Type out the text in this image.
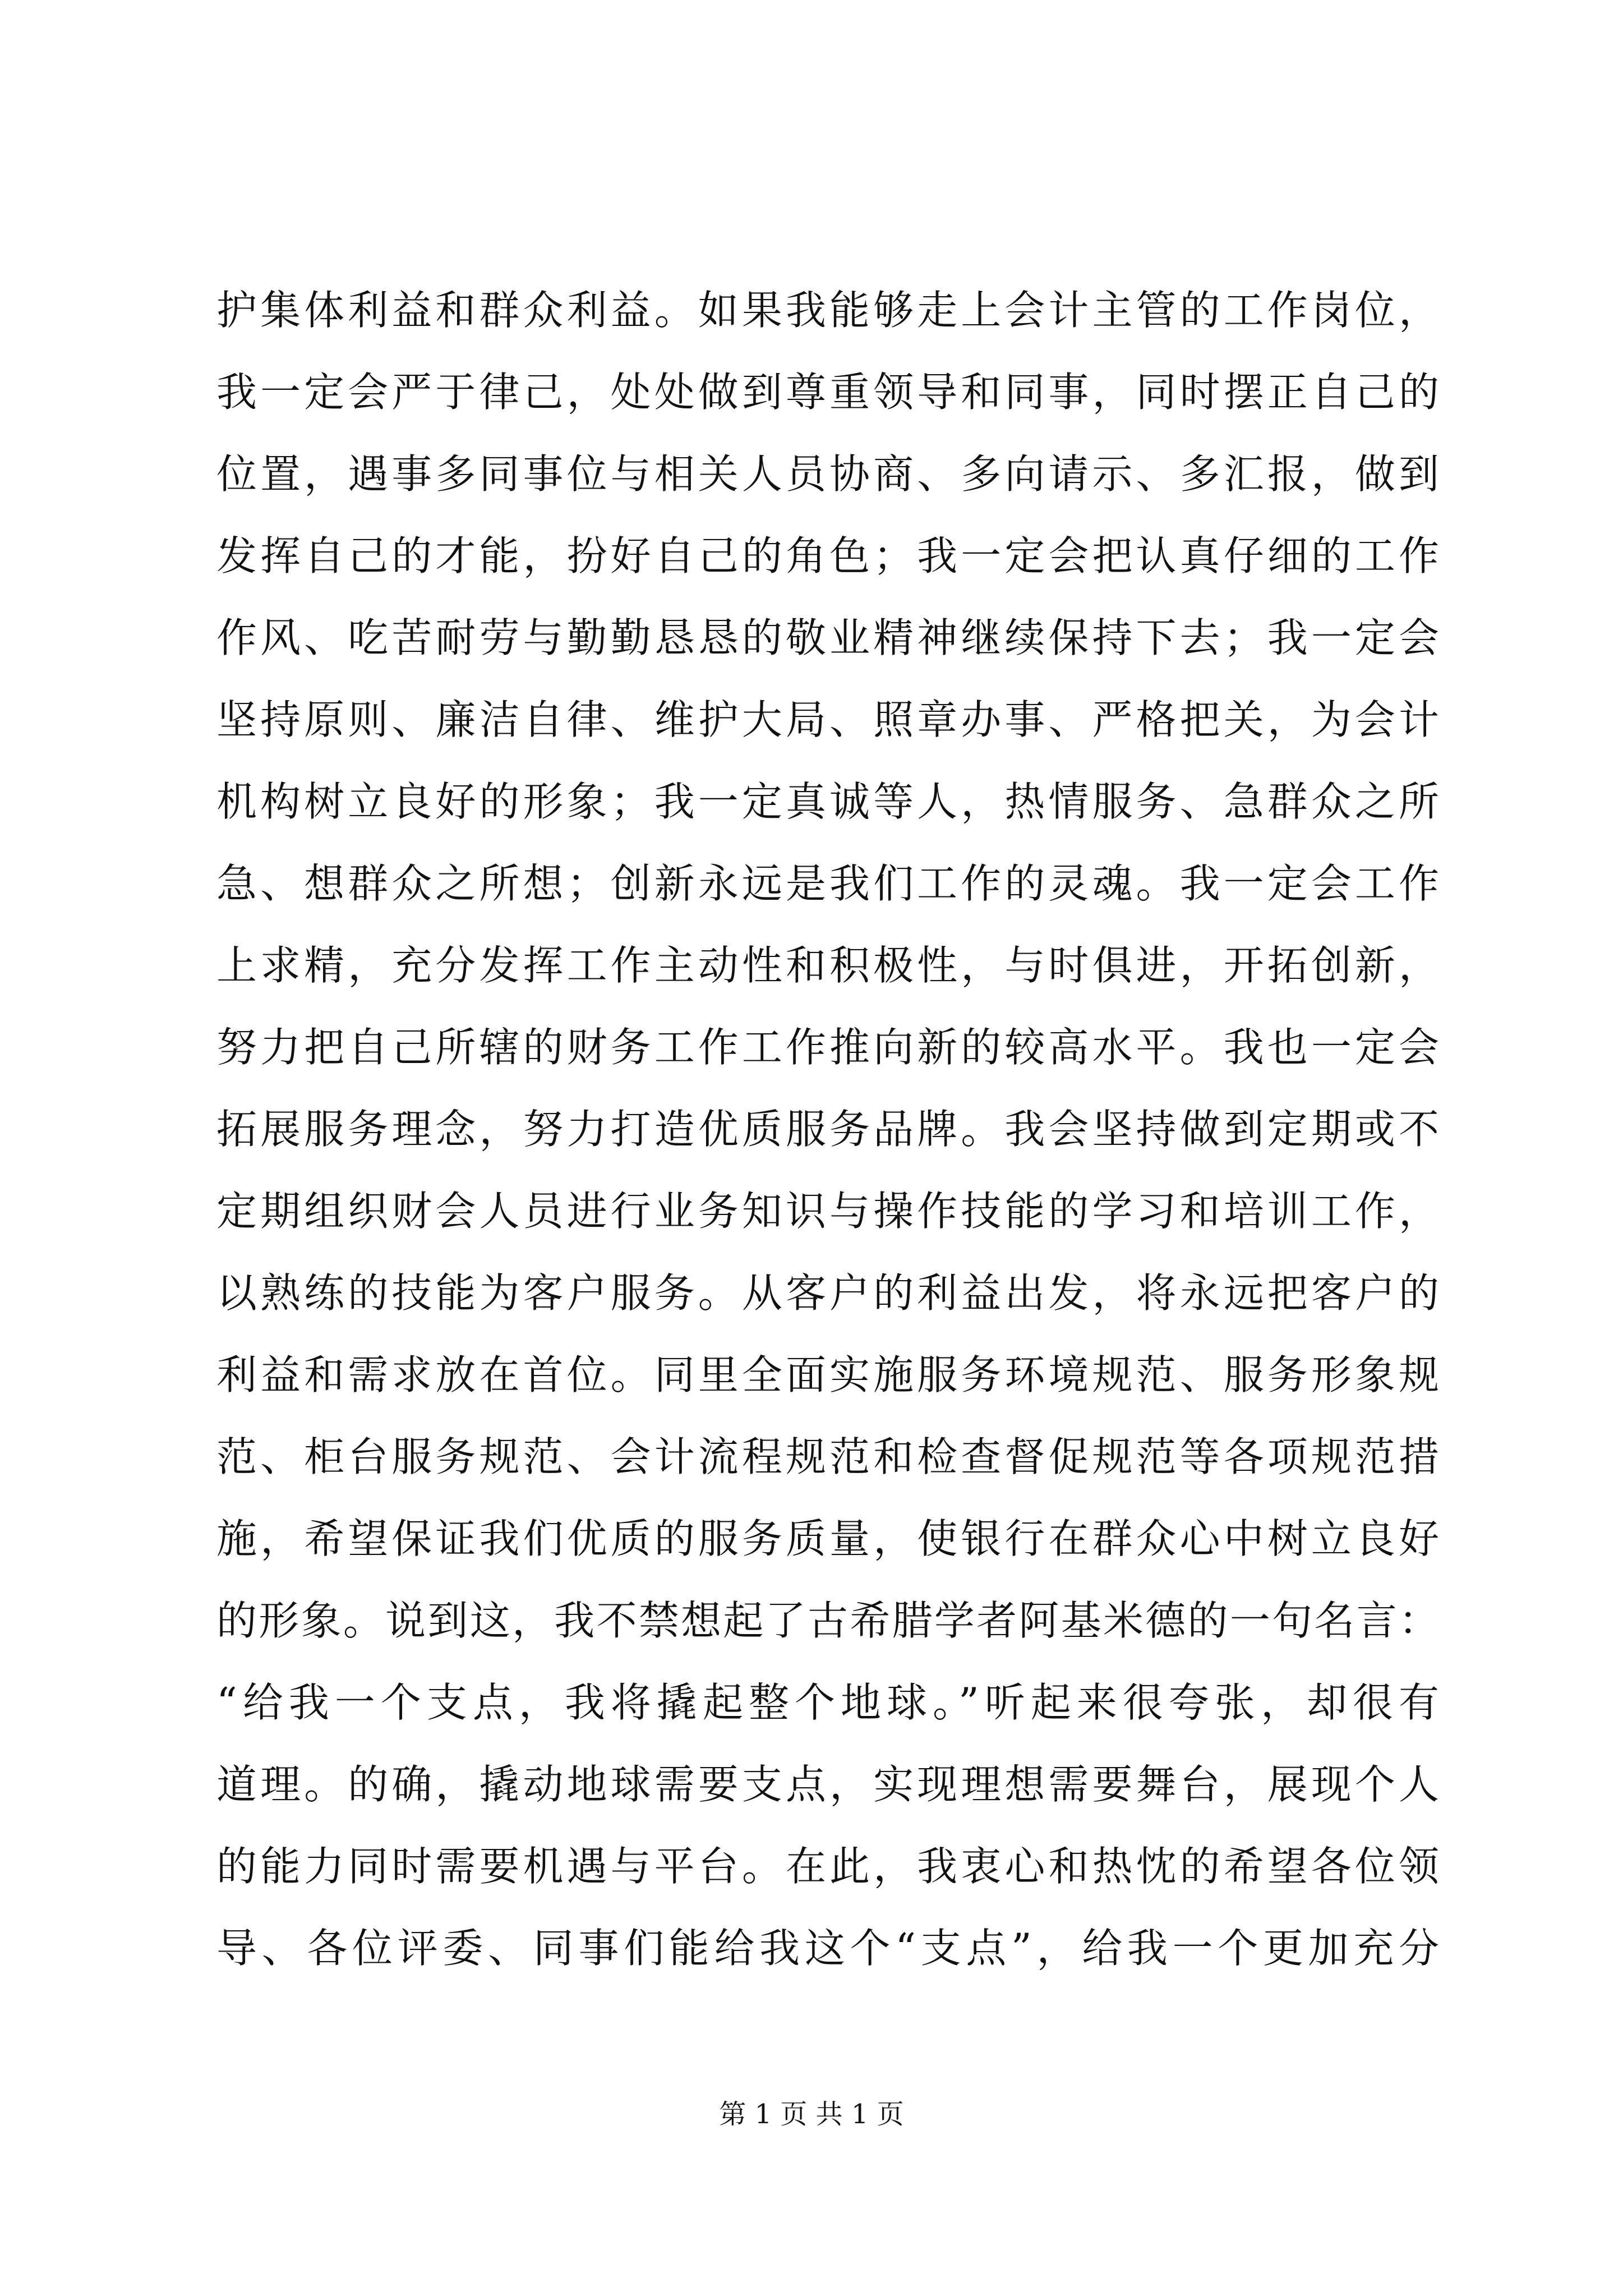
护集体利益和群众利益。如果我能够走上会计主管的工作岗位，
我一定会严于律己，处处做到尊重领导和同事，同时摆正自己的
位置，遇事多同事位与相关人员协商、多向请示、多汇报，做到
发挥自己的才能，扮好自己的角色；我一定会把认真仔细的工作
作风、吃苦耐劳与勤勤恳恳的敬业精神继续保持下去；我一定会
坚持原则、廉洁自律、维护大局、照章办事、严格把关，为会计
机构树立良好的形象；我一定真诚等人，热情服务、急群众之所
急、想群众之所想；创新永远是我们工作的灵魂。我一定会工作
上求精，充分发挥工作主动性和积极性，与时俱进，开拓创新，
努力把自己所辖的财务工作工作推向新的较高水平。我也一定会
拓展服务理念，努力打造优质服务品牌。我会坚持做到定期或不
定期组织财会人员进行业务知识与操作技能的学习和培训工作，
以熟练的技能为客户服务。从客户的利益出发，将永远把客户的
利益和需求放在首位。同里全面实施服务环境规范、服务形象规
范、柜台服务规范、会计流程规范和检查督促规范等各项规范措
施，希望保证我们优质的服务质量，使银行在群众心中树立良好
的形象。说到这，我不禁想起了古希腊学者阿基米德的一句名言：
“给我一个支点，我将撬起整个地球。”听起来很夸张，却很有
道理。的确，撬动地球需要支点，实现理想需要舞台，展现个人
的能力同时需要机遇与平台。在此，我衷心和热忱的希望各位领
导、各位评委、同事们能给我这个“支点”，给我一个更加充分
第 1 页 共 1 页
